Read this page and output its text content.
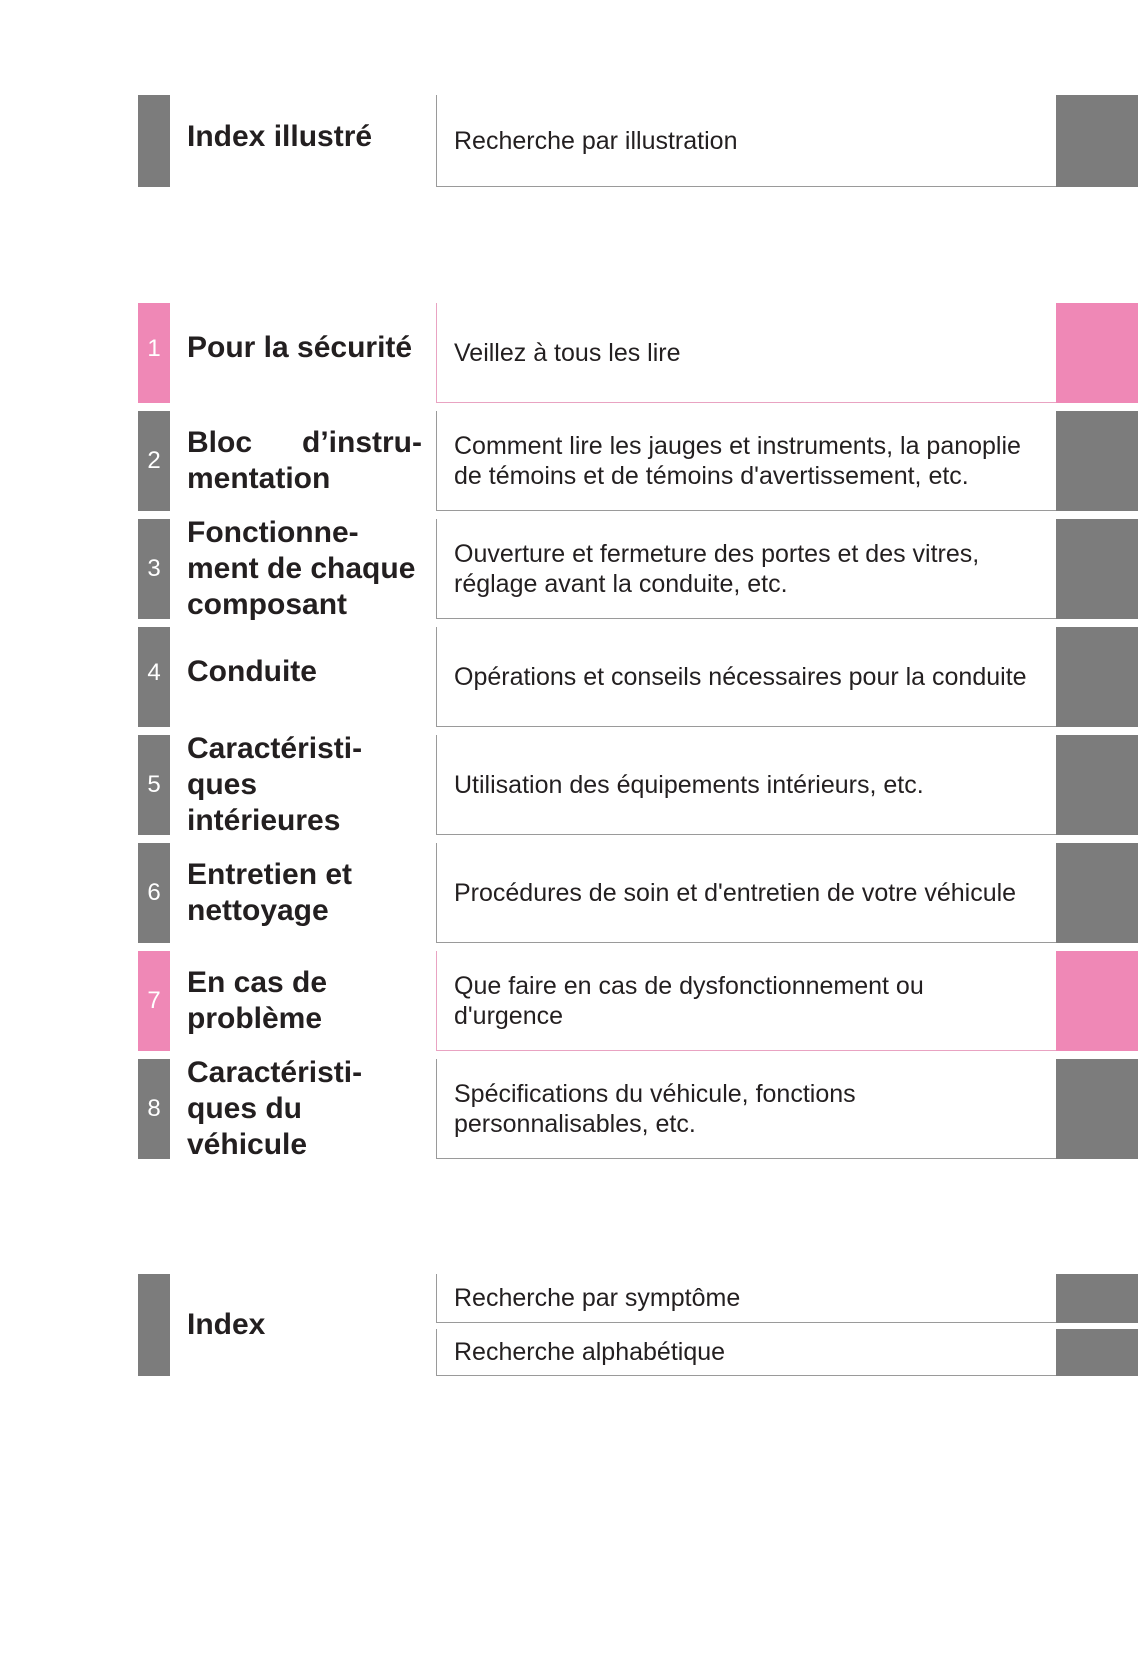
Index illustré	Recherche par illustration
1 Pour la sécurité Veillez à tous les lire
2
Bloc d’instru-
mentation
Comment lire les jauges et instruments, la panoplie
de témoins et de témoins d'avertissement, etc.
3
Fonctionne-
ment de chaque
composant
Ouverture et fermeture des portes et des vitres,
réglage avant la conduite, etc.
4 Conduite	Opérations et conseils nécessaires pour la conduite
5
Caractéristi-
ques
intérieures
Utilisation des équipements intérieurs, etc.
6
Entretien et
nettoyage
Procédures de soin et d'entretien de votre véhicule
7
En cas de
problème
Que faire en cas de dysfonctionnement ou
d'urgence
8
Caractéristi-
ques du
véhicule
Spécifications du véhicule, fonctions
personnalisables, etc.
Index
Recherche par symptôme
Recherche alphabétique
